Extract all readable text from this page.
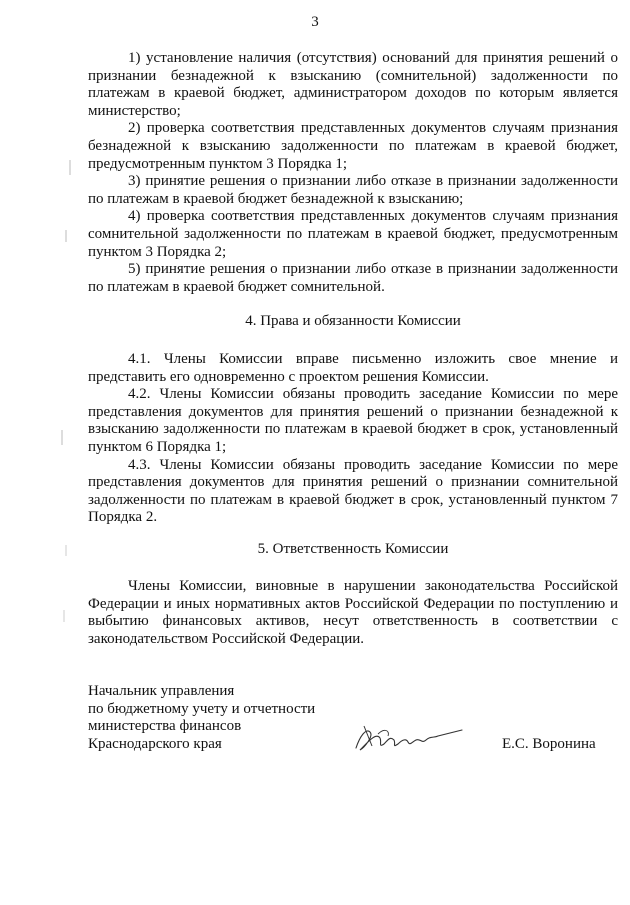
3

1) установление наличия (отсутствия) оснований для принятия решений о признании безнадежной к взысканию (сомнительной) задолженности по платежам в краевой бюджет, администратором доходов по которым является министерство;

2) проверка соответствия представленных документов случаям признания безнадежной к взысканию задолженности по платежам в краевой бюджет, предусмотренным пунктом 3 Порядка 1;

3) принятие решения о признании либо отказе в признании задолженности по платежам в краевой бюджет безнадежной к взысканию;

4) проверка соответствия представленных документов случаям признания сомнительной задолженности по платежам в краевой бюджет, предусмотренным пунктом 3 Порядка 2;

5) принятие решения о признании либо отказе в признании задолженности по платежам в краевой бюджет сомнительной.

4. Права и обязанности Комиссии

4.1. Члены Комиссии вправе письменно изложить свое мнение и представить его одновременно с проектом решения Комиссии.

4.2. Члены Комиссии обязаны проводить заседание Комиссии по мере представления документов для принятия решений о признании безнадежной к взысканию задолженности по платежам в краевой бюджет в срок, установленный пунктом 6 Порядка 1;

4.3. Члены Комиссии обязаны проводить заседание Комиссии по мере представления документов для принятия решений о признании сомнительной задолженности по платежам в краевой бюджет в срок, установленный пунктом 7 Порядка 2.

5. Ответственность Комиссии

Члены Комиссии, виновные в нарушении законодательства Российской Федерации и иных нормативных актов Российской Федерации по поступлению и выбытию финансовых активов, несут ответственность в соответствии с законодательством Российской Федерации.

Начальник управления
по бюджетному учету и отчетности
министерства финансов
Краснодарского края	Е.С. Воронина
